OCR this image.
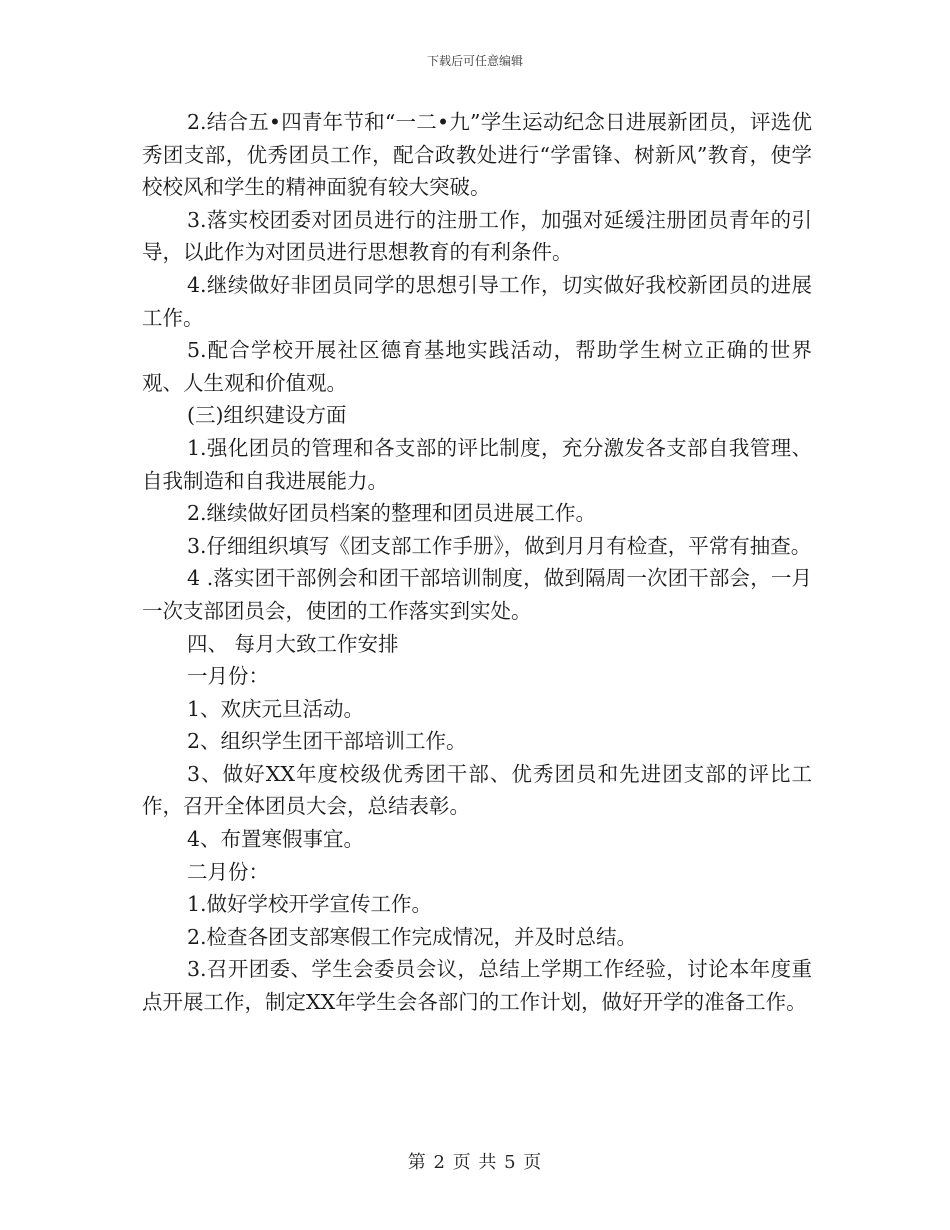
下载后可任意编辑

2.结合五•四青年节和“一二•九”学生运动纪念日进展新团员，评选优秀团支部，优秀团员工作，配合政教处进行“学雷锋、树新风”教育，使学校校风和学生的精神面貌有较大突破。

3.落实校团委对团员进行的注册工作，加强对延缓注册团员青年的引导，以此作为对团员进行思想教育的有利条件。

4.继续做好非团员同学的思想引导工作，切实做好我校新团员的进展工作。

5.配合学校开展社区德育基地实践活动，帮助学生树立正确的世界观、人生观和价值观。

(三)组织建设方面

1.强化团员的管理和各支部的评比制度，充分激发各支部自我管理、自我制造和自我进展能力。

2.继续做好团员档案的整理和团员进展工作。

3.仔细组织填写《团支部工作手册》，做到月月有检查，平常有抽查。

4 .落实团干部例会和团干部培训制度，做到隔周一次团干部会，一月一次支部团员会，使团的工作落实到实处。

四、 每月大致工作安排

一月份：

1、欢庆元旦活动。

2、组织学生团干部培训工作。

3、做好XX年度校级优秀团干部、优秀团员和先进团支部的评比工作，召开全体团员大会，总结表彰。

4、布置寒假事宜。

二月份：

1.做好学校开学宣传工作。

2.检查各团支部寒假工作完成情况，并及时总结。

3.召开团委、学生会委员会议，总结上学期工作经验，讨论本年度重点开展工作，制定XX年学生会各部门的工作计划，做好开学的准备工作。

第 2 页 共 5 页
